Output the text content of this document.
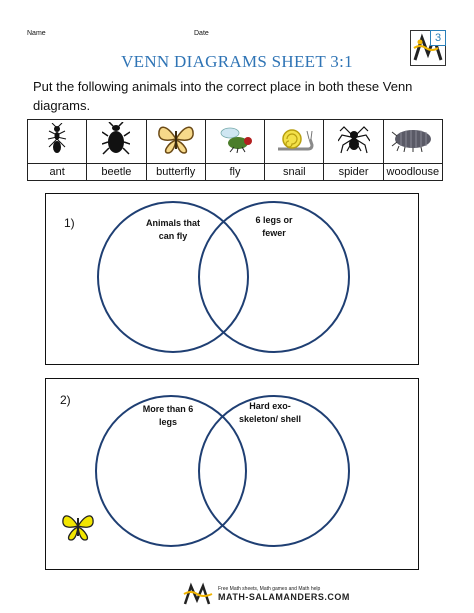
Name	Date	3
VENN DIAGRAMS SHEET 3:1
Put the following animals into the correct place in both these Venn diagrams.

ant	beetle	butterfly	fly	snail	spider	woodlouse
1)	Animals that can fly
6 legs or fewer
2)
More than 6 legs
Hard exo-skeleton/ shell
Free Math sheets, Math games and Math help
MATH-SALAMANDERS.COM
